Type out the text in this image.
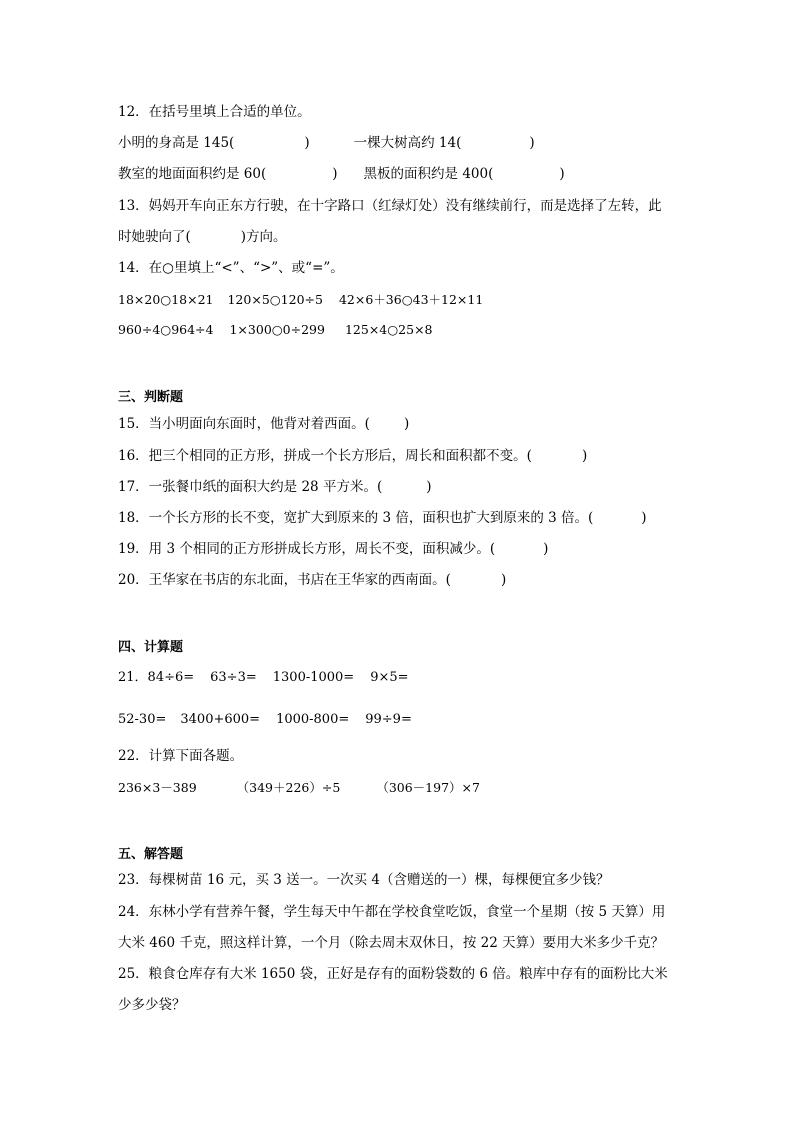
12．在括号里填上合适的单位。
小明的身高是 145(	)	一棵大树高约 14(	)
教室的地面面积约是 60(	) 黑板的面积约是 400(	)
13．妈妈开车向正东方行驶，在十字路口（红绿灯处）没有继续前行，而是选择了左转，此
时她驶向了(	)方向。
14．在○里填上“<”、“>”、或“=”。
18×20○18×21 120×5○120÷5 42×6＋36○43＋12×11
960÷4○964÷4 1×300○0÷299 125×4○25×8
三、判断题
15．当小明面向东面时，他背对着西面。(	)
16．把三个相同的正方形，拼成一个长方形后，周长和面积都不变。(	)
17．一张餐巾纸的面积大约是 28 平方米。(	)
18．一个长方形的长不变，宽扩大到原来的 3 倍，面积也扩大到原来的 3 倍。(	)
19．用 3 个相同的正方形拼成长方形，周长不变，面积减少。(	)
20．王华家在书店的东北面，书店在王华家的西南面。(	)
四、计算题
21．84÷6= 63÷3= 1300-1000= 9×5=
52-30= 3400+600= 1000-800= 99÷9=
22．计算下面各题。
236×3－389	（349＋226）÷5	（306－197）×7
五、解答题
23．每棵树苗 16 元，买 3 送一。一次买 4（含赠送的一）棵，每棵便宜多少钱？
24．东林小学有营养午餐，学生每天中午都在学校食堂吃饭，食堂一个星期（按 5 天算）用
大米 460 千克，照这样计算，一个月（除去周末双休日，按 22 天算）要用大米多少千克？
25．粮食仓库存有大米 1650 袋，正好是存有的面粉袋数的 6 倍。粮库中存有的面粉比大米
少多少袋？
